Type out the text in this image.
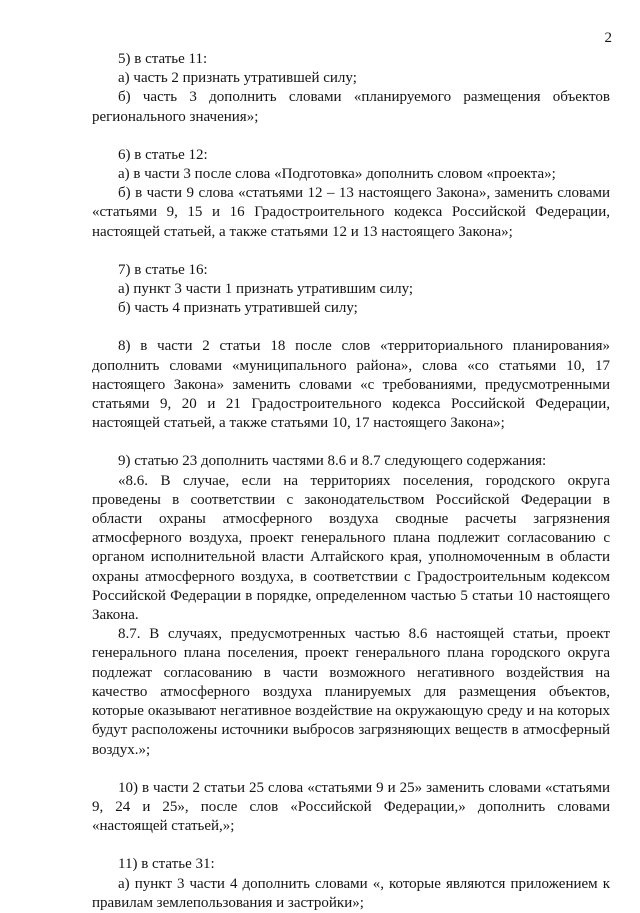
2

5) в статье 11:

а) часть 2 признать утратившей силу;

б) часть 3 дополнить словами «планируемого размещения объектов регионального значения»;

6) в статье 12:

а) в части 3 после слова «Подготовка» дополнить словом «проекта»;

б) в части 9 слова «статьями 12 – 13 настоящего Закона», заменить словами «статьями 9, 15 и 16 Градостроительного кодекса Российской Федерации, настоящей статьей, а также статьями 12 и 13 настоящего Закона»;

7) в статье 16:

а) пункт 3 части 1 признать утратившим силу;

б) часть 4 признать утратившей силу;

8) в части 2 статьи 18 после слов «территориального планирования» дополнить словами «муниципального района», слова «со статьями 10, 17 настоящего Закона» заменить словами «с требованиями, предусмотренными статьями 9, 20 и 21 Градостроительного кодекса Российской Федерации, настоящей статьей, а также статьями 10, 17 настоящего Закона»;

9) статью 23 дополнить частями 8.6 и 8.7 следующего содержания:

«8.6. В случае, если на территориях поселения, городского округа проведены в соответствии с законодательством Российской Федерации в области охраны атмосферного воздуха сводные расчеты загрязнения атмосферного воздуха, проект генерального плана подлежит согласованию с органом исполнительной власти Алтайского края, уполномоченным в области охраны атмосферного воздуха, в соответствии с Градостроительным кодексом Российской Федерации в порядке, определенном частью 5 статьи 10 настоящего Закона.

8.7. В случаях, предусмотренных частью 8.6 настоящей статьи, проект генерального плана поселения, проект генерального плана городского округа подлежат согласованию в части возможного негативного воздействия на качество атмосферного воздуха планируемых для размещения объектов, которые оказывают негативное воздействие на окружающую среду и на которых будут расположены источники выбросов загрязняющих веществ в атмосферный воздух.»;

10) в части 2 статьи 25 слова «статьями 9 и 25» заменить словами «статьями 9, 24 и 25», после слов «Российской Федерации,» дополнить словами «настоящей статьей,»;

11) в статье 31:

а) пункт 3 части 4 дополнить словами «, которые являются приложением к правилам землепользования и застройки»;
